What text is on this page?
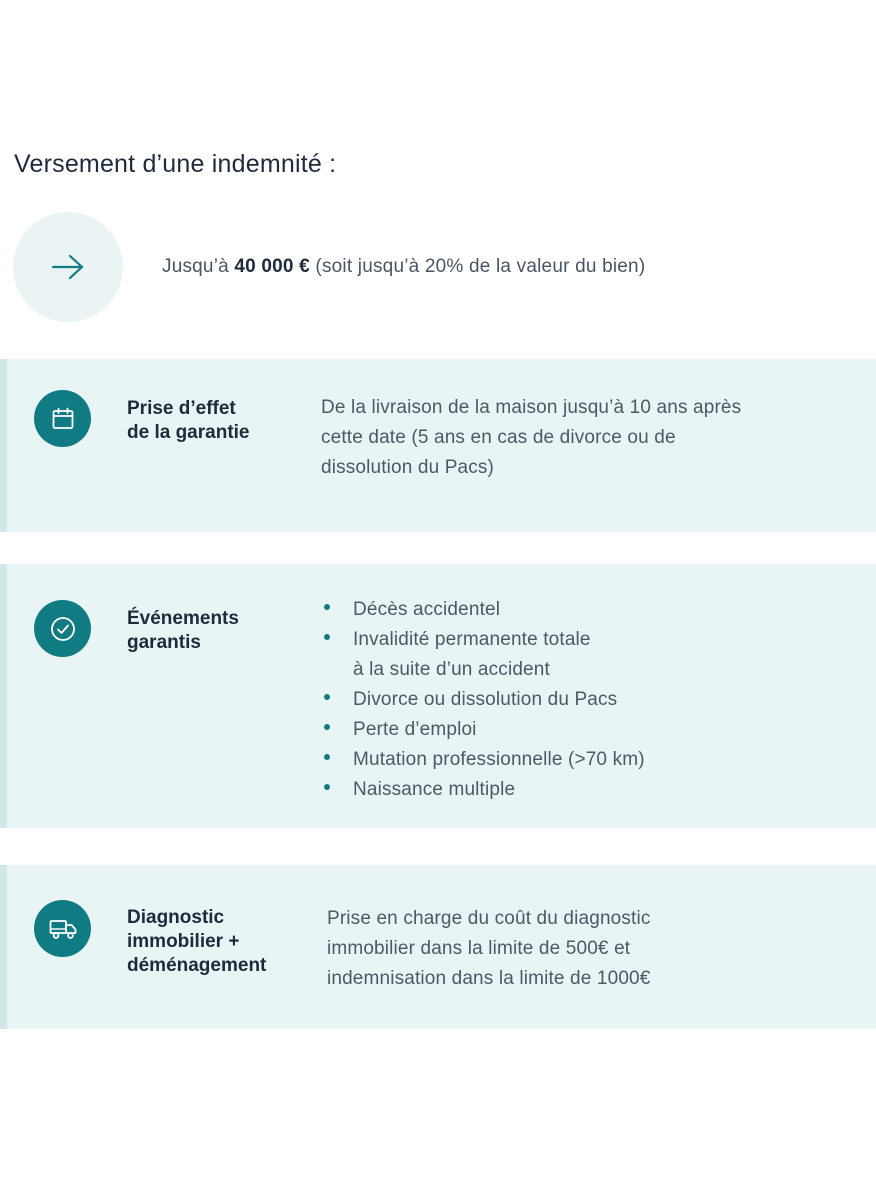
Versement d’une indemnité :
Jusqu’à 40 000 € (soit jusqu’à 20% de la valeur du bien)
Prise d’effet
de la garantie
De la livraison de la maison jusqu’à 10 ans après
cette date (5 ans en cas de divorce ou de
dissolution du Pacs)
Événements
garantis
Décès accidentel
Invalidité permanente totale
à la suite d’un accident
Divorce ou dissolution du Pacs
Perte d’emploi
Mutation professionnelle (>70 km)
Naissance multiple
Diagnostic
immobilier +
déménagement
Prise en charge du coût du diagnostic
immobilier dans la limite de 500€ et
indemnisation dans la limite de 1000€
